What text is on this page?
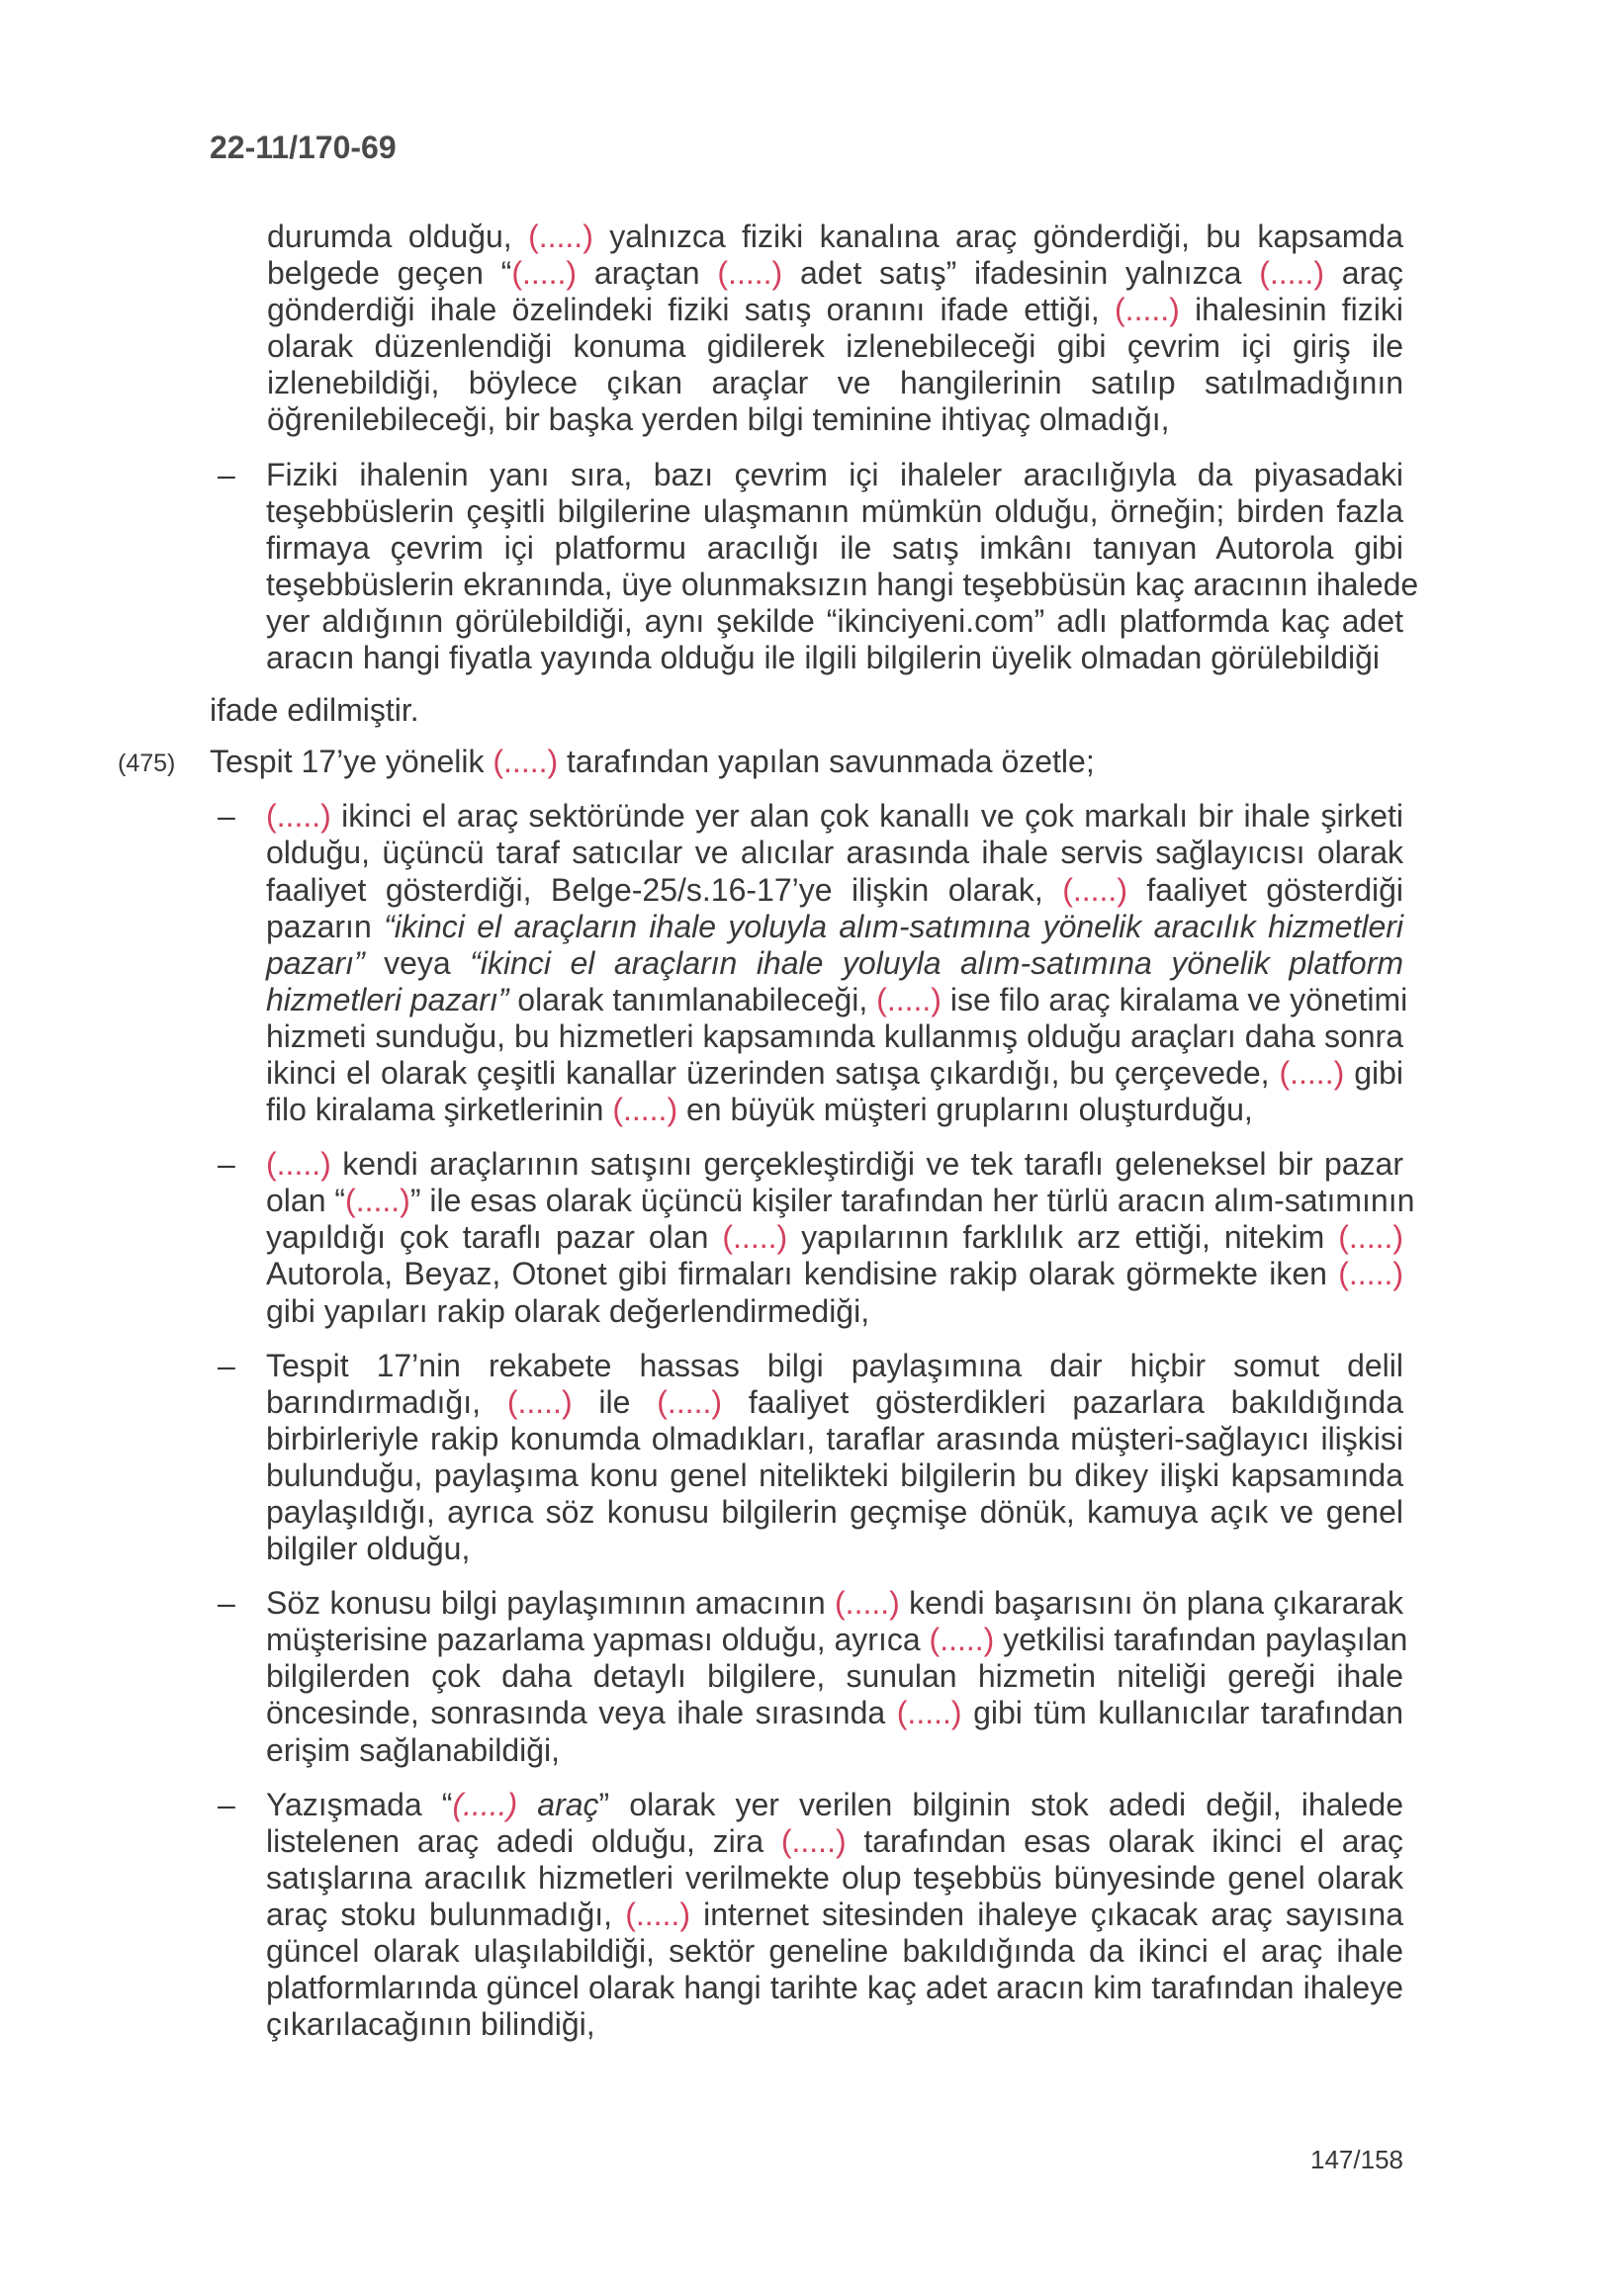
22-11/170-69
durumda olduğu, (.....) yalnızca fiziki kanalına araç gönderdiği, bu kapsamda
belgede geçen “(.....) araçtan (.....) adet satış” ifadesinin yalnızca (.....) araç
gönderdiği ihale özelindeki fiziki satış oranını ifade ettiği, (.....) ihalesinin fiziki
olarak düzenlendiği konuma gidilerek izlenebileceği gibi çevrim içi giriş ile
izlenebildiği, böylece çıkan araçlar ve hangilerinin satılıp satılmadığının
öğrenilebileceği, bir başka yerden bilgi teminine ihtiyaç olmadığı,
– Fiziki ihalenin yanı sıra, bazı çevrim içi ihaleler aracılığıyla da piyasadaki
teşebbüslerin çeşitli bilgilerine ulaşmanın mümkün olduğu, örneğin; birden fazla
firmaya çevrim içi platformu aracılığı ile satış imkânı tanıyan Autorola gibi
teşebbüslerin ekranında, üye olunmaksızın hangi teşebbüsün kaç aracının ihalede
yer aldığının görülebildiği, aynı şekilde “ikinciyeni.com” adlı platformda kaç adet
aracın hangi fiyatla yayında olduğu ile ilgili bilgilerin üyelik olmadan görülebildiği
ifade edilmiştir.
(475) Tespit 17’ye yönelik (.....) tarafından yapılan savunmada özetle;
– (.....) ikinci el araç sektöründe yer alan çok kanallı ve çok markalı bir ihale şirketi
olduğu, üçüncü taraf satıcılar ve alıcılar arasında ihale servis sağlayıcısı olarak
faaliyet gösterdiği, Belge-25/s.16-17’ye ilişkin olarak, (.....) faaliyet gösterdiği
pazarın “ikinci el araçların ihale yoluyla alım-satımına yönelik aracılık hizmetleri
pazarı” veya “ikinci el araçların ihale yoluyla alım-satımına yönelik platform
hizmetleri pazarı” olarak tanımlanabileceği, (.....) ise filo araç kiralama ve yönetimi
hizmeti sunduğu, bu hizmetleri kapsamında kullanmış olduğu araçları daha sonra
ikinci el olarak çeşitli kanallar üzerinden satışa çıkardığı, bu çerçevede, (.....) gibi
filo kiralama şirketlerinin (.....) en büyük müşteri gruplarını oluşturduğu,
– (.....) kendi araçlarının satışını gerçekleştirdiği ve tek taraflı geleneksel bir pazar
olan “(.....)” ile esas olarak üçüncü kişiler tarafından her türlü aracın alım-satımının
yapıldığı çok taraflı pazar olan (.....) yapılarının farklılık arz ettiği, nitekim (.....)
Autorola, Beyaz, Otonet gibi firmaları kendisine rakip olarak görmekte iken (.....)
gibi yapıları rakip olarak değerlendirmediği,
– Tespit 17’nin rekabete hassas bilgi paylaşımına dair hiçbir somut delil
barındırmadığı, (.....) ile (.....) faaliyet gösterdikleri pazarlara bakıldığında
birbirleriyle rakip konumda olmadıkları, taraflar arasında müşteri-sağlayıcı ilişkisi
bulunduğu, paylaşıma konu genel nitelikteki bilgilerin bu dikey ilişki kapsamında
paylaşıldığı, ayrıca söz konusu bilgilerin geçmişe dönük, kamuya açık ve genel
bilgiler olduğu,
– Söz konusu bilgi paylaşımının amacının (.....) kendi başarısını ön plana çıkararak
müşterisine pazarlama yapması olduğu, ayrıca (.....) yetkilisi tarafından paylaşılan
bilgilerden çok daha detaylı bilgilere, sunulan hizmetin niteliği gereği ihale
öncesinde, sonrasında veya ihale sırasında (.....) gibi tüm kullanıcılar tarafından
erişim sağlanabildiği,
– Yazışmada “(.....) araç” olarak yer verilen bilginin stok adedi değil, ihalede
listelenen araç adedi olduğu, zira (.....) tarafından esas olarak ikinci el araç
satışlarına aracılık hizmetleri verilmekte olup teşebbüs bünyesinde genel olarak
araç stoku bulunmadığı, (.....) internet sitesinden ihaleye çıkacak araç sayısına
güncel olarak ulaşılabildiği, sektör geneline bakıldığında da ikinci el araç ihale
platformlarında güncel olarak hangi tarihte kaç adet aracın kim tarafından ihaleye
çıkarılacağının bilindiği,
147/158
